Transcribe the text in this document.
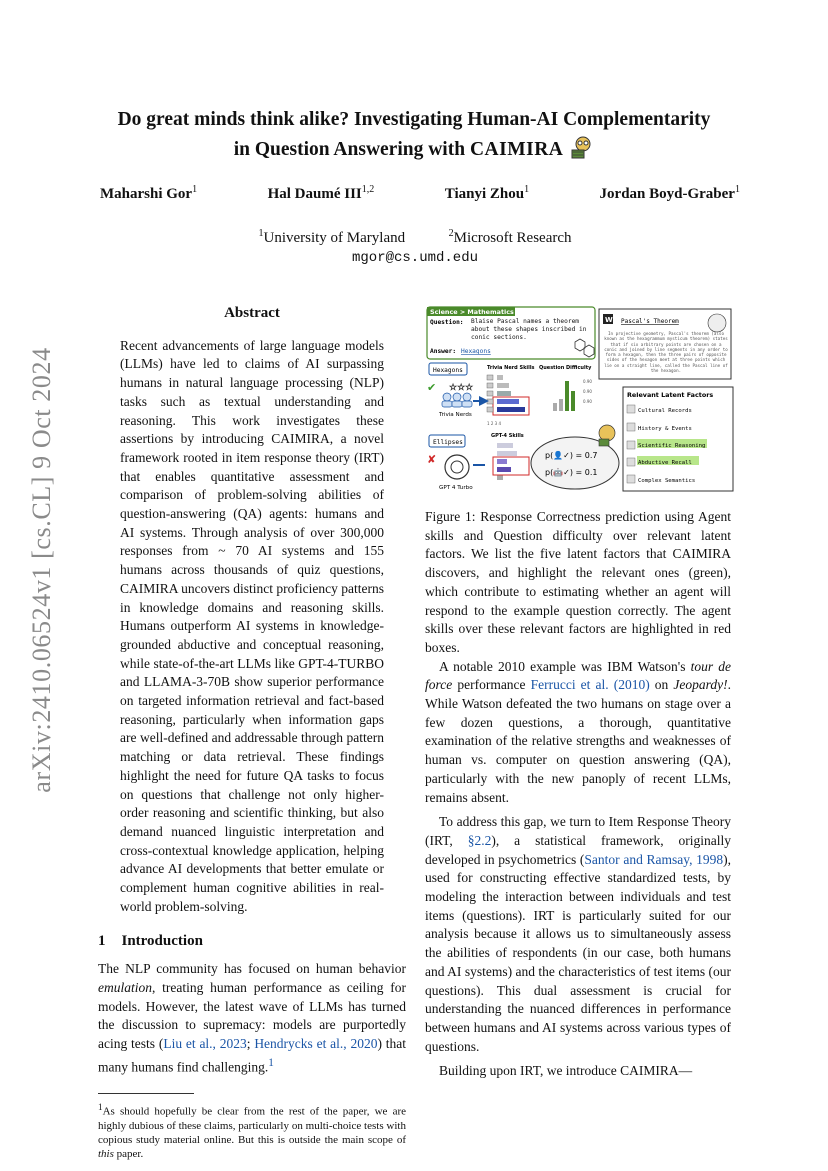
Do great minds think alike? Investigating Human-AI Complementarity
in Question Answering with CAIMIRA
Maharshi Gor$^1$	Hal Daumé III$^{1,2}$	Tianyi Zhou$^1$	Jordan Boyd-Graber$^1$
$^1$University of Maryland	$^2$Microsoft Research
mgor@cs.umd.edu
arXiv:2410.06524v1 [cs.CL] 9 Oct 2024
Abstract

Recent advancements of large language models (LLMs) have led to claims of AI surpassing humans in natural language processing (NLP) tasks such as textual understanding and reasoning. This work investigates these assertions by introducing CAIMIRA, a novel framework rooted in item response theory (IRT) that enables quantitative assessment and comparison of problem-solving abilities of question-answering (QA) agents: humans and AI systems. Through analysis of over 300,000 responses from ~ 70 AI systems and 155 humans across thousands of quiz questions, CAIMIRA uncovers distinct proficiency patterns in knowledge domains and reasoning skills. Humans outperform AI systems in knowledge-grounded abductive and conceptual reasoning, while state-of-the-art LLMs like GPT-4-TURBO and LLAMA-3-70B show superior performance on targeted information retrieval and fact-based reasoning, particularly when information gaps are well-defined and addressable through pattern matching or data retrieval. These findings highlight the need for future QA tasks to focus on questions that challenge not only higher-order reasoning and scientific thinking, but also demand nuanced linguistic interpretation and cross-contextual knowledge application, helping advance AI developments that better emulate or complement human cognitive abilities in real-world problem-solving.

1 Introduction

The NLP community has focused on human behavior emulation, treating human performance as ceiling for models. However, the latest wave of LLMs has turned the discussion to supremacy: models are purportedly acing tests (Liu et al., 2023; Hendrycks et al., 2020) that many humans find challenging.$^1$

$^1$As should hopefully be clear from the rest of the paper, we are highly dubious of these claims, particularly on multi-choice tests with copious study material online. But this is outside the main scope of this paper.

Science > Mathematics
Question: Blaise Pascal names a theorem about these shapes inscribed in conic sections.
Answer: Hexagons
W Pascal's Theorem
In projective geometry, Pascal's theorem (also known as the hexagrammum mysticum theorem) states that if six arbitrary points are chosen on a conic and joined by line segments in any order to form a hexagon, then the three pairs of opposite sides of the hexagon meet at three points which lie on a straight line, called the Pascal line of the hexagon.
Hexagons
✔ ☆☆☆
Trivia Nerds
Ellipses
✘
GPT 4 Turbo
Trivia Nerd Skills Question Difficulty
1 2 3 4
0.90
0.90
0.90
GPT-4 Skills
p(👤✓) = 0.7
p(🤖✓) = 0.1
Relevant Latent Factors
Cultural Records
History & Events
Scientific Reasoning
Abductive Recall
Complex Semantics

Figure 1: Response Correctness prediction using Agent skills and Question difficulty over relevant latent factors. We list the five latent factors that CAIMIRA discovers, and highlight the relevant ones (green), which contribute to estimating whether an agent will respond to the example question correctly. The agent skills over these relevant factors are highlighted in red boxes.

A notable 2010 example was IBM Watson's tour de force performance Ferrucci et al. (2010) on Jeopardy!. While Watson defeated the two humans on stage over a few dozen questions, a thorough, quantitative examination of the relative strengths and weaknesses of human vs. computer on question answering (QA), particularly with the new panoply of recent LLMs, remains absent.

To address this gap, we turn to Item Response Theory (IRT, §2.2), a statistical framework, originally developed in psychometrics (Santor and Ramsay, 1998), used for constructing effective standardized tests, by modeling the interaction between individuals and test items (questions). IRT is particularly suited for our analysis because it allows us to simultaneously assess the abilities of respondents (in our case, both humans and AI systems) and the characteristics of test items (our questions). This dual assessment is crucial for understanding the nuanced differences in performance between humans and AI systems across various types of questions.

Building upon IRT, we introduce CAIMIRA—
